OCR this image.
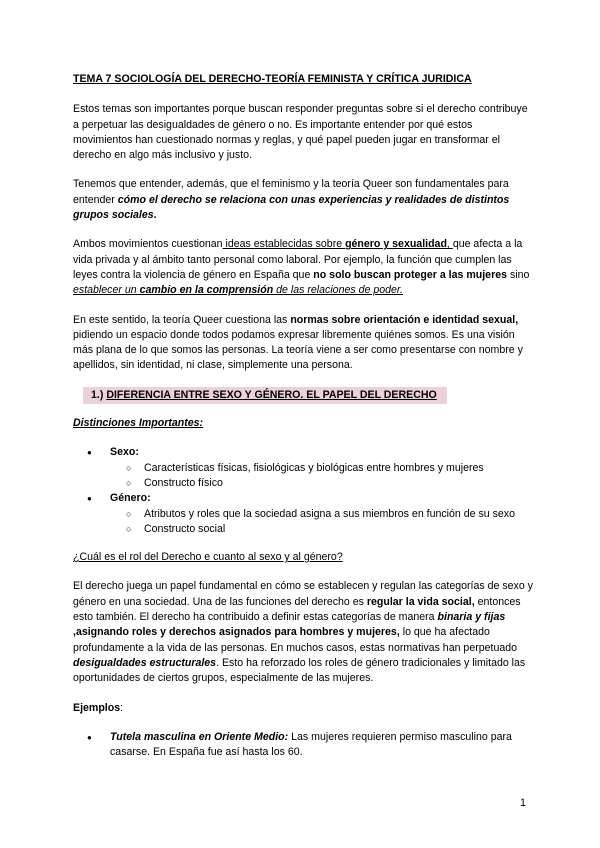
TEMA 7 SOCIOLOGÍA DEL DERECHO-TEORÍA FEMINISTA Y CRÍTICA JURIDICA

Estos temas son importantes porque buscan responder preguntas sobre si el derecho contribuye a perpetuar las desigualdades de género o no. Es importante entender por qué estos movimientos han cuestionado normas y reglas, y qué papel pueden jugar en transformar el derecho en algo más inclusivo y justo.

Tenemos que entender, además, que el feminismo y la teoría Queer son fundamentales para entender cómo el derecho se relaciona con unas experiencias y realidades de distintos grupos sociales.

Ambos movimientos cuestionan ideas establecidas sobre género y sexualidad, que afecta a la vida privada y al ámbito tanto personal como laboral. Por ejemplo, la función que cumplen las leyes contra la violencia de género en España que no solo buscan proteger a las mujeres sino establecer un cambio en la comprensión de las relaciones de poder.

En este sentido, la teoría Queer cuestiona las normas sobre orientación e identidad sexual, pidiendo un espacio donde todos podamos expresar libremente quiénes somos. Es una visión más plana de lo que somos las personas. La teoría viene a ser como presentarse con nombre y apellidos, sin identidad, ni clase, simplemente una persona.

1.) DIFERENCIA ENTRE SEXO Y GÉNERO. EL PAPEL DEL DERECHO

Distinciones Importantes:

● Sexo:
○ Características físicas, fisiológicas y biológicas entre hombres y mujeres
○ Constructo físico
● Género:
○ Atributos y roles que la sociedad asigna a sus miembros en función de su sexo
○ Constructo social

¿Cuál es el rol del Derecho e cuanto al sexo y al género?

El derecho juega un papel fundamental en cómo se establecen y regulan las categorías de sexo y género en una sociedad. Una de las funciones del derecho es regular la vida social, entonces esto también. El derecho ha contribuido a definir estas categorías de manera binaria y fijas ,asignando roles y derechos asignados para hombres y mujeres, lo que ha afectado profundamente a la vida de las personas. En muchos casos, estas normativas han perpetuado desigualdades estructurales. Esto ha reforzado los roles de género tradicionales y limitado las oportunidades de ciertos grupos, especialmente de las mujeres.

Ejemplos:

● Tutela masculina en Oriente Medio: Las mujeres requieren permiso masculino para casarse. En España fue así hasta los 60.
1
